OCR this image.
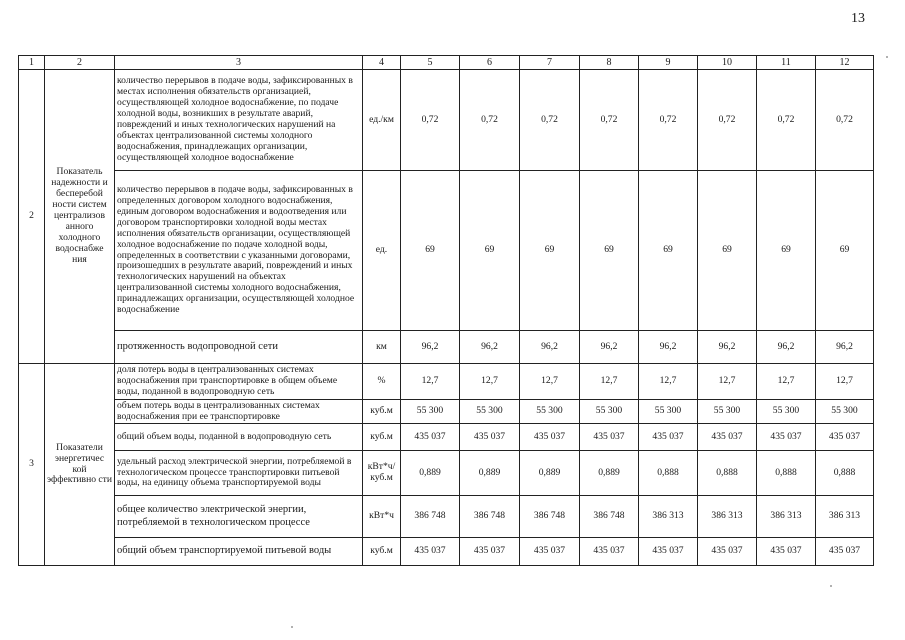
13
1	2	3	4	5	6	7	8	9	10	11	12
2	Показатель надежности и бесперебой ности систем централизов анного холодного водоснабже ния	количество перерывов в подаче воды, зафиксированных в местах исполнения обязательств организацией, осуществляющей холодное водоснабжение, по подаче холодной воды, возникших в результате аварий, повреждений и иных технологических нарушений на объектах централизованной системы холодного водоснабжения, принадлежащих организации, осуществляющей холодное водоснабжение	ед./км	0,72	0,72	0,72	0,72	0,72	0,72	0,72	0,72
		количество перерывов в подаче воды, зафиксированных в определенных договором холодного водоснабжения, единым договором водоснабжения и водоотведения или договором транспортировки холодной воды местах исполнения обязательств организации, осуществляющей холодное водоснабжение по подаче холодной воды, определенных в соответствии с указанными договорами, произошедших в результате аварий, повреждений и иных технологических нарушений на объектах централизованной системы холодного водоснабжения, принадлежащих организации, осуществляющей холодное водоснабжение	ед.	69	69	69	69	69	69	69	69
		протяженность водопроводной сети	км	96,2	96,2	96,2	96,2	96,2	96,2	96,2	96,2
3	Показатели энергетичес кой эффективно сти	доля потерь воды в централизованных системах водоснабжения при транспортировке в общем объеме воды, поданной в водопроводную сеть	%	12,7	12,7	12,7	12,7	12,7	12,7	12,7	12,7
		объем потерь воды в централизованных системах водоснабжения при ее транспортировке	куб.м	55 300	55 300	55 300	55 300	55 300	55 300	55 300	55 300
		общий объем воды, поданной в водопроводную сеть	куб.м	435 037	435 037	435 037	435 037	435 037	435 037	435 037	435 037
		удельный расход электрической энергии, потребляемой в технологическом процессе транспортировки питьевой воды, на единицу объема транспортируемой воды	кВт*ч/куб.м	0,889	0,889	0,889	0,889	0,888	0,888	0,888	0,888
		общее количество электрической энергии, потребляемой в технологическом процессе	кВт*ч	386 748	386 748	386 748	386 748	386 313	386 313	386 313	386 313
		общий объем транспортируемой питьевой воды	куб.м	435 037	435 037	435 037	435 037	435 037	435 037	435 037	435 037
